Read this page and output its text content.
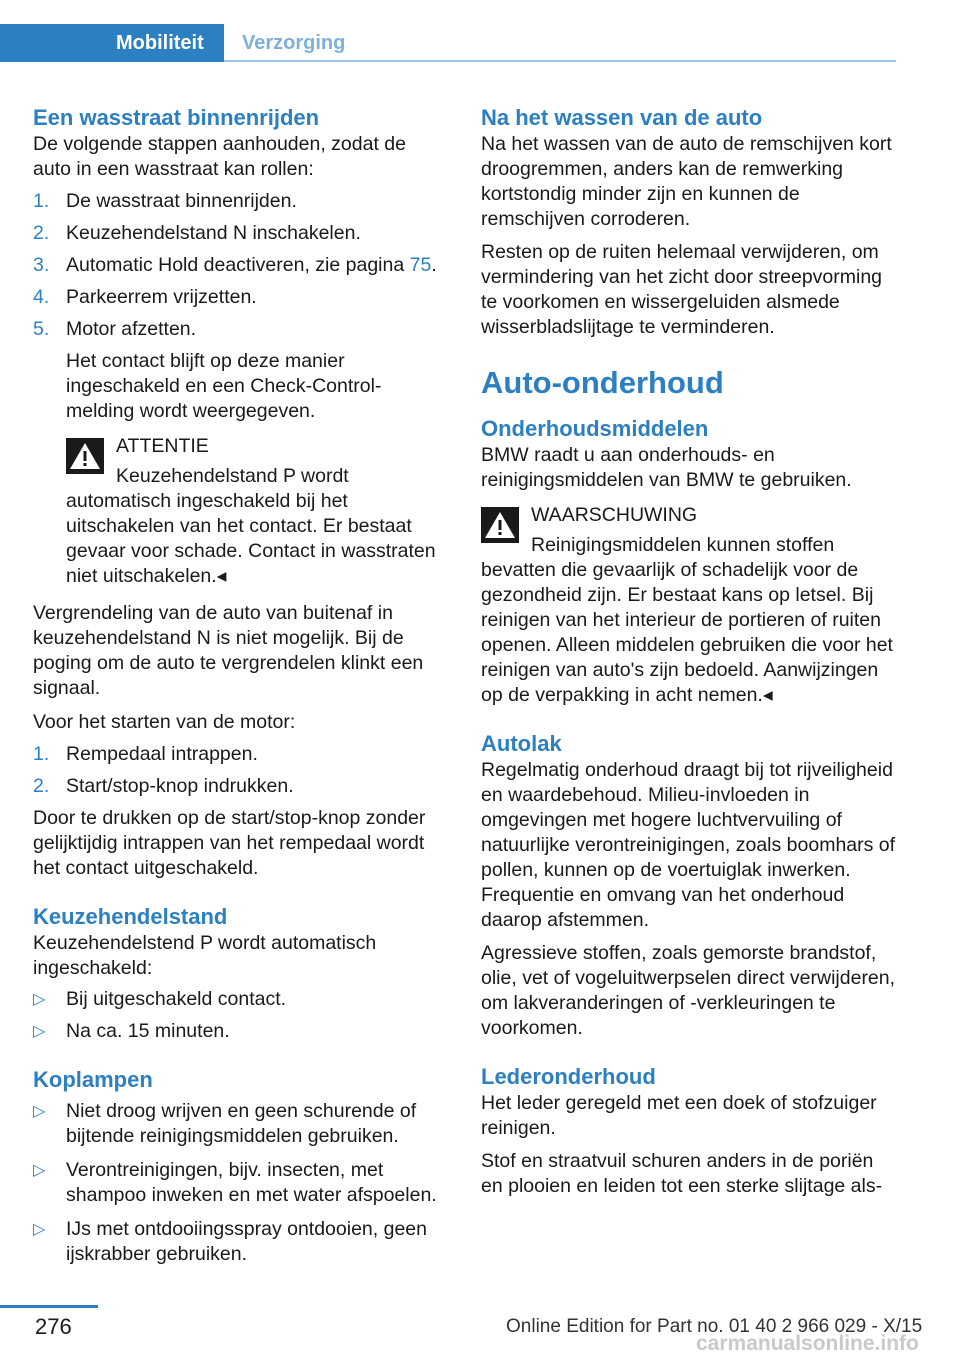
Mobiliteit	Verzorging
Een wasstraat binnenrijden

De volgende stappen aanhouden, zodat de auto in een wasstraat kan rollen:

1. De wasstraat binnenrijden.
2. Keuzehendelstand N inschakelen.
3. Automatic Hold deactiveren, zie pagina 75.
4. Parkeerrem vrijzetten.
5. Motor afzetten.
Het contact blijft op deze manier ingeschakeld en een Check-Control-melding wordt weergegeven.
ATTENTIE
Keuzehendelstand P wordt automatisch ingeschakeld bij het uitschakelen van het contact. Er bestaat gevaar voor schade. Contact in wasstraten niet uitschakelen.◂

Vergrendeling van de auto van buitenaf in keuzehendelstand N is niet mogelijk. Bij de poging om de auto te vergrendelen klinkt een signaal.

Voor het starten van de motor:

1. Rempedaal intrappen.
2. Start/stop-knop indrukken.

Door te drukken op de start/stop-knop zonder gelijktijdig intrappen van het rempedaal wordt het contact uitgeschakeld.

Keuzehendelstand

Keuzehendelstend P wordt automatisch ingeschakeld:

▷	Bij uitgeschakeld contact.
▷	Na ca. 15 minuten.
Koplampen
▷	Niet droog wrijven en geen schurende of bijtende reinigingsmiddelen gebruiken.
▷	Verontreinigingen, bijv. insecten, met shampoo inweken en met water afspoelen.
▷	IJs met ontdooiingsspray ontdooien, geen ijskrabber gebruiken.
Na het wassen van de auto

Na het wassen van de auto de remschijven kort droogremmen, anders kan de remwerking kortstondig minder zijn en kunnen de remschijven corroderen.

Resten op de ruiten helemaal verwijderen, om vermindering van het zicht door streepvorming te voorkomen en wissergeluiden alsmede wisserbladslijtage te verminderen.

Auto-onderhoud
Onderhoudsmiddelen

BMW raadt u aan onderhouds- en reinigingsmiddelen van BMW te gebruiken.

WAARSCHUWING
Reinigingsmiddelen kunnen stoffen bevatten die gevaarlijk of schadelijk voor de gezondheid zijn. Er bestaat kans op letsel. Bij reinigen van het interieur de portieren of ruiten openen. Alleen middelen gebruiken die voor het reinigen van auto's zijn bedoeld. Aanwijzingen op de verpakking in acht nemen.◂
Autolak

Regelmatig onderhoud draagt bij tot rijveiligheid en waardebehoud. Milieu-invloeden in omgevingen met hogere luchtvervuiling of natuurlijke verontreinigingen, zoals boomhars of pollen, kunnen op de voertuiglak inwerken. Frequentie en omvang van het onderhoud daarop afstemmen.

Agressieve stoffen, zoals gemorste brandstof, olie, vet of vogeluitwerpselen direct verwijderen, om lakveranderingen of -verkleuringen te voorkomen.

Lederonderhoud

Het leder geregeld met een doek of stofzuiger reinigen.

Stof en straatvuil schuren anders in de poriën en plooien en leiden tot een sterke slijtage als-

276	Online Edition for Part no. 01 40 2 966 029 - X/15
carmanualsonline.info
